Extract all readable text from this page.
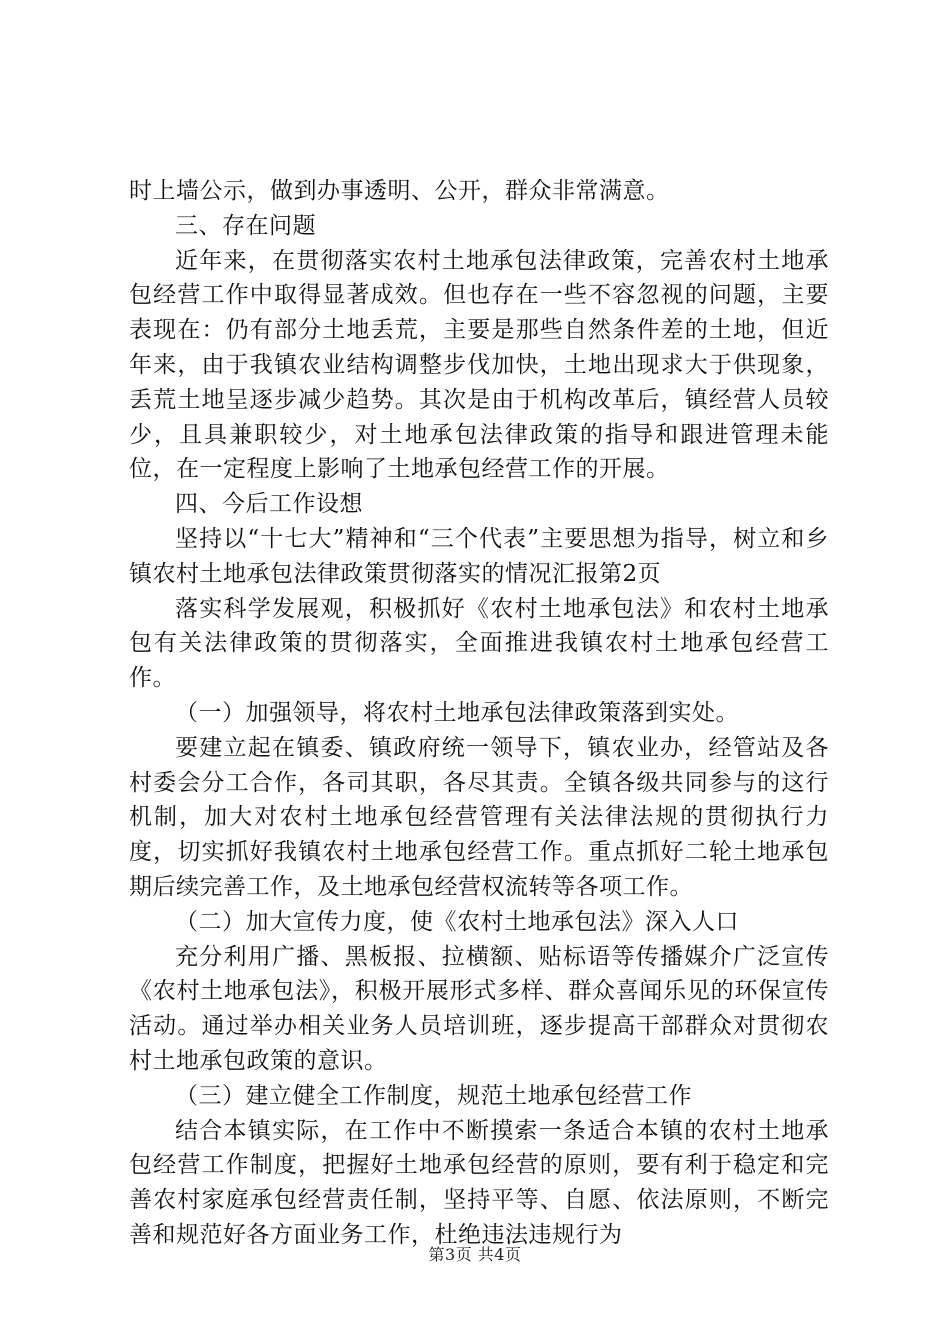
时上墙公示，做到办事透明、公开，群众非常满意。

三、存在问题

近年来，在贯彻落实农村土地承包法律政策，完善农村土地承包经营工作中取得显著成效。但也存在一些不容忽视的问题，主要表现在：仍有部分土地丢荒，主要是那些自然条件差的土地，但近年来，由于我镇农业结构调整步伐加快，土地出现求大于供现象，丢荒土地呈逐步减少趋势。其次是由于机构改革后，镇经营人员较少，且具兼职较少，对土地承包法律政策的指导和跟进管理未能位，在一定程度上影响了土地承包经营工作的开展。

四、今后工作设想

坚持以“十七大”精神和“三个代表”主要思想为指导，树立和乡镇农村土地承包法律政策贯彻落实的情况汇报第2页

落实科学发展观，积极抓好《农村土地承包法》和农村土地承包有关法律政策的贯彻落实，全面推进我镇农村土地承包经营工作。

（一）加强领导，将农村土地承包法律政策落到实处。

要建立起在镇委、镇政府统一领导下，镇农业办，经管站及各村委会分工合作，各司其职，各尽其责。全镇各级共同参与的这行机制，加大对农村土地承包经营管理有关法律法规的贯彻执行力度，切实抓好我镇农村土地承包经营工作。重点抓好二轮土地承包期后续完善工作，及土地承包经营权流转等各项工作。

（二）加大宣传力度，使《农村土地承包法》深入人口

充分利用广播、黑板报、拉横额、贴标语等传播媒介广泛宣传《农村土地承包法》，积极开展形式多样、群众喜闻乐见的环保宣传活动。通过举办相关业务人员培训班，逐步提高干部群众对贯彻农村土地承包政策的意识。

（三）建立健全工作制度，规范土地承包经营工作

结合本镇实际，在工作中不断摸索一条适合本镇的农村土地承包经营工作制度，把握好土地承包经营的原则，要有利于稳定和完善农村家庭承包经营责任制，坚持平等、自愿、依法原则，不断完善和规范好各方面业务工作，杜绝违法违规行为

第3页 共4页
